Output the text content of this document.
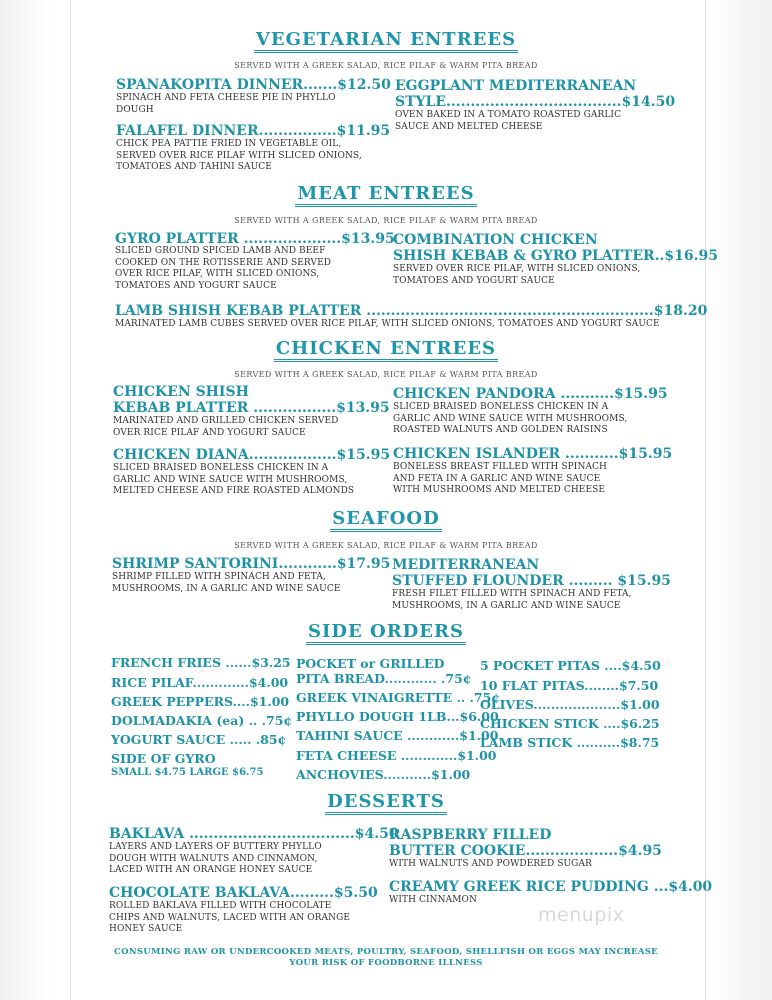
VEGETARIAN ENTREES
SERVED WITH A GREEK SALAD, RICE PILAF & WARM PITA BREAD
SPANAKOPITA DINNER.......$12.50
SPINACH AND FETA CHEESE PIE IN PHYLLO
DOUGH
FALAFEL DINNER................$11.95
CHICK PEA PATTIE FRIED IN VEGETABLE OIL,
SERVED OVER RICE PILAF WITH SLICED ONIONS,
TOMATOES AND TAHINI SAUCE
EGGPLANT MEDITERRANEAN
STYLE....................................$14.50
OVEN BAKED IN A TOMATO ROASTED GARLIC
SAUCE AND MELTED CHEESE
MEAT ENTREES
SERVED WITH A GREEK SALAD, RICE PILAF & WARM PITA BREAD
GYRO PLATTER ....................$13.95
SLICED GROUND SPICED LAMB AND BEEF
COOKED ON THE ROTISSERIE AND SERVED
OVER RICE PILAF, WITH SLICED ONIONS,
TOMATOES AND YOGURT SAUCE
COMBINATION CHICKEN
SHISH KEBAB & GYRO PLATTER..$16.95
SERVED OVER RICE PILAF, WITH SLICED ONIONS,
TOMATOES AND YOGURT SAUCE
LAMB SHISH KEBAB PLATTER ...........................................................$18.20
MARINATED LAMB CUBES SERVED OVER RICE PILAF, WITH SLICED ONIONS, TOMATOES AND YOGURT SAUCE
CHICKEN ENTREES
SERVED WITH A GREEK SALAD, RICE PILAF & WARM PITA BREAD
CHICKEN SHISH
KEBAB PLATTER .................$13.95
MARINATED AND GRILLED CHICKEN SERVED
OVER RICE PILAF AND YOGURT SAUCE
CHICKEN DIANA..................$15.95
SLICED BRAISED BONELESS CHICKEN IN A
GARLIC AND WINE SAUCE WITH MUSHROOMS,
MELTED CHEESE AND FIRE ROASTED ALMONDS
CHICKEN PANDORA ...........$15.95
SLICED BRAISED BONELESS CHICKEN IN A
GARLIC AND WINE SAUCE WITH MUSHROOMS,
ROASTED WALNUTS AND GOLDEN RAISINS
CHICKEN ISLANDER ...........$15.95
BONELESS BREAST FILLED WITH SPINACH
AND FETA IN A GARLIC AND WINE SAUCE
WITH MUSHROOMS AND MELTED CHEESE
SEAFOOD
SERVED WITH A GREEK SALAD, RICE PILAF & WARM PITA BREAD
SHRIMP SANTORINI............$17.95
SHRIMP FILLED WITH SPINACH AND FETA,
MUSHROOMS, IN A GARLIC AND WINE SAUCE
MEDITERRANEAN
STUFFED FLOUNDER ......... $15.95
FRESH FILET FILLED WITH SPINACH AND FETA,
MUSHROOMS, IN A GARLIC AND WINE SAUCE
SIDE ORDERS
FRENCH FRIES ......$3.25
RICE PILAF.............$4.00
GREEK PEPPERS....$1.00
DOLMADAKIA (ea) .. .75¢
YOGURT SAUCE ..... .85¢
SIDE OF GYRO
SMALL $4.75 LARGE $6.75
POCKET or GRILLED
PITA BREAD............ .75¢
GREEK VINAIGRETTE .. .75¢
PHYLLO DOUGH 1LB...$6.00
TAHINI SAUCE ............$1.00
FETA CHEESE .............$1.00
ANCHOVIES...........$1.00
5 POCKET PITAS ....$4.50
10 FLAT PITAS........$7.50
OLIVES....................$1.00
CHICKEN STICK ....$6.25
LAMB STICK ..........$8.75
DESSERTS
BAKLAVA ..................................$4.50
LAYERS AND LAYERS OF BUTTERY PHYLLO
DOUGH WITH WALNUTS AND CINNAMON,
LACED WITH AN ORANGE HONEY SAUCE
CHOCOLATE BAKLAVA.........$5.50
ROLLED BAKLAVA FILLED WITH CHOCOLATE
CHIPS AND WALNUTS, LACED WITH AN ORANGE
HONEY SAUCE
RASPBERRY FILLED
BUTTER COOKIE...................$4.95
WITH WALNUTS AND POWDERED SUGAR
CREAMY GREEK RICE PUDDING ...$4.00
WITH CINNAMON
menupix
CONSUMING RAW OR UNDERCOOKED MEATS, POULTRY, SEAFOOD, SHELLFISH OR EGGS MAY INCREASE
YOUR RISK OF FOODBORNE ILLNESS
